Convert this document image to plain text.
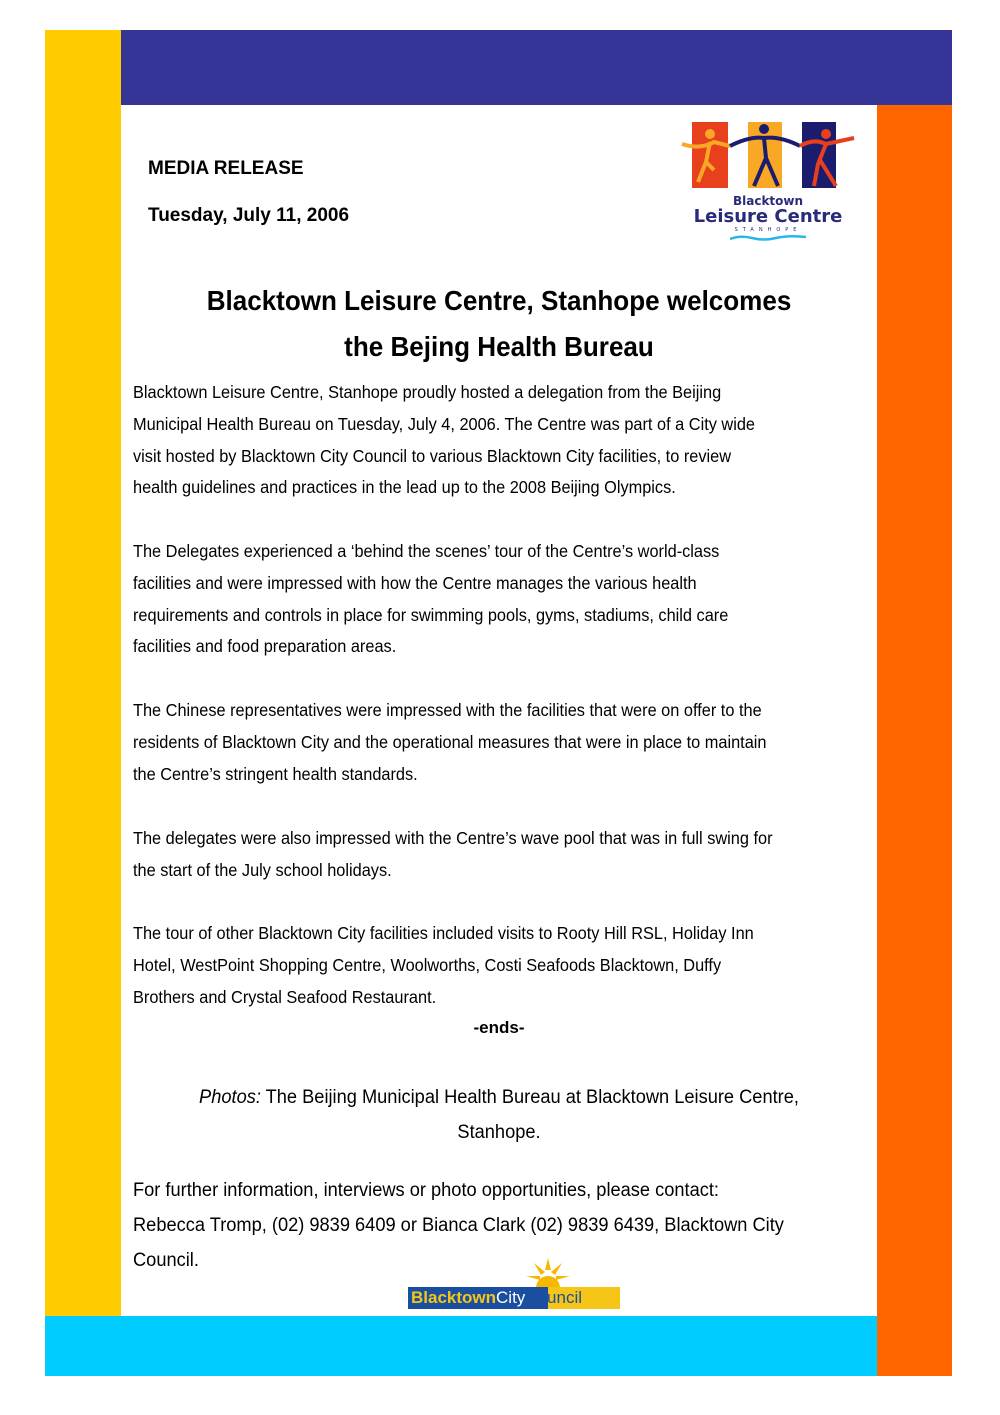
MEDIA RELEASE
Tuesday, July 11, 2006
Blacktown
Leisure Centre
STANHOPE
Blacktown Leisure Centre, Stanhope welcomes
the Bejing Health Bureau
Blacktown Leisure Centre, Stanhope proudly hosted a delegation from the Beijing
Municipal Health Bureau on Tuesday, July 4, 2006. The Centre was part of a City wide
visit hosted by Blacktown City Council to various Blacktown City facilities, to review
health guidelines and practices in the lead up to the 2008 Beijing Olympics.
The Delegates experienced a ‘behind the scenes’ tour of the Centre’s world-class
facilities and were impressed with how the Centre manages the various health
requirements and controls in place for swimming pools, gyms, stadiums, child care
facilities and food preparation areas.
The Chinese representatives were impressed with the facilities that were on offer to the
residents of Blacktown City and the operational measures that were in place to maintain
the Centre’s stringent health standards.
The delegates were also impressed with the Centre’s wave pool that was in full swing for
the start of the July school holidays.
The tour of other Blacktown City facilities included visits to Rooty Hill RSL, Holiday Inn
Hotel, WestPoint Shopping Centre, Woolworths, Costi Seafoods Blacktown, Duffy
Brothers and Crystal Seafood Restaurant.
-ends-
Photos: The Beijing Municipal Health Bureau at Blacktown Leisure Centre,
Stanhope.
For further information, interviews or photo opportunities, please contact:
Rebecca Tromp, (02) 9839 6409 or Bianca Clark (02) 9839 6439, Blacktown City
Council.
BlacktownCityCouncil
